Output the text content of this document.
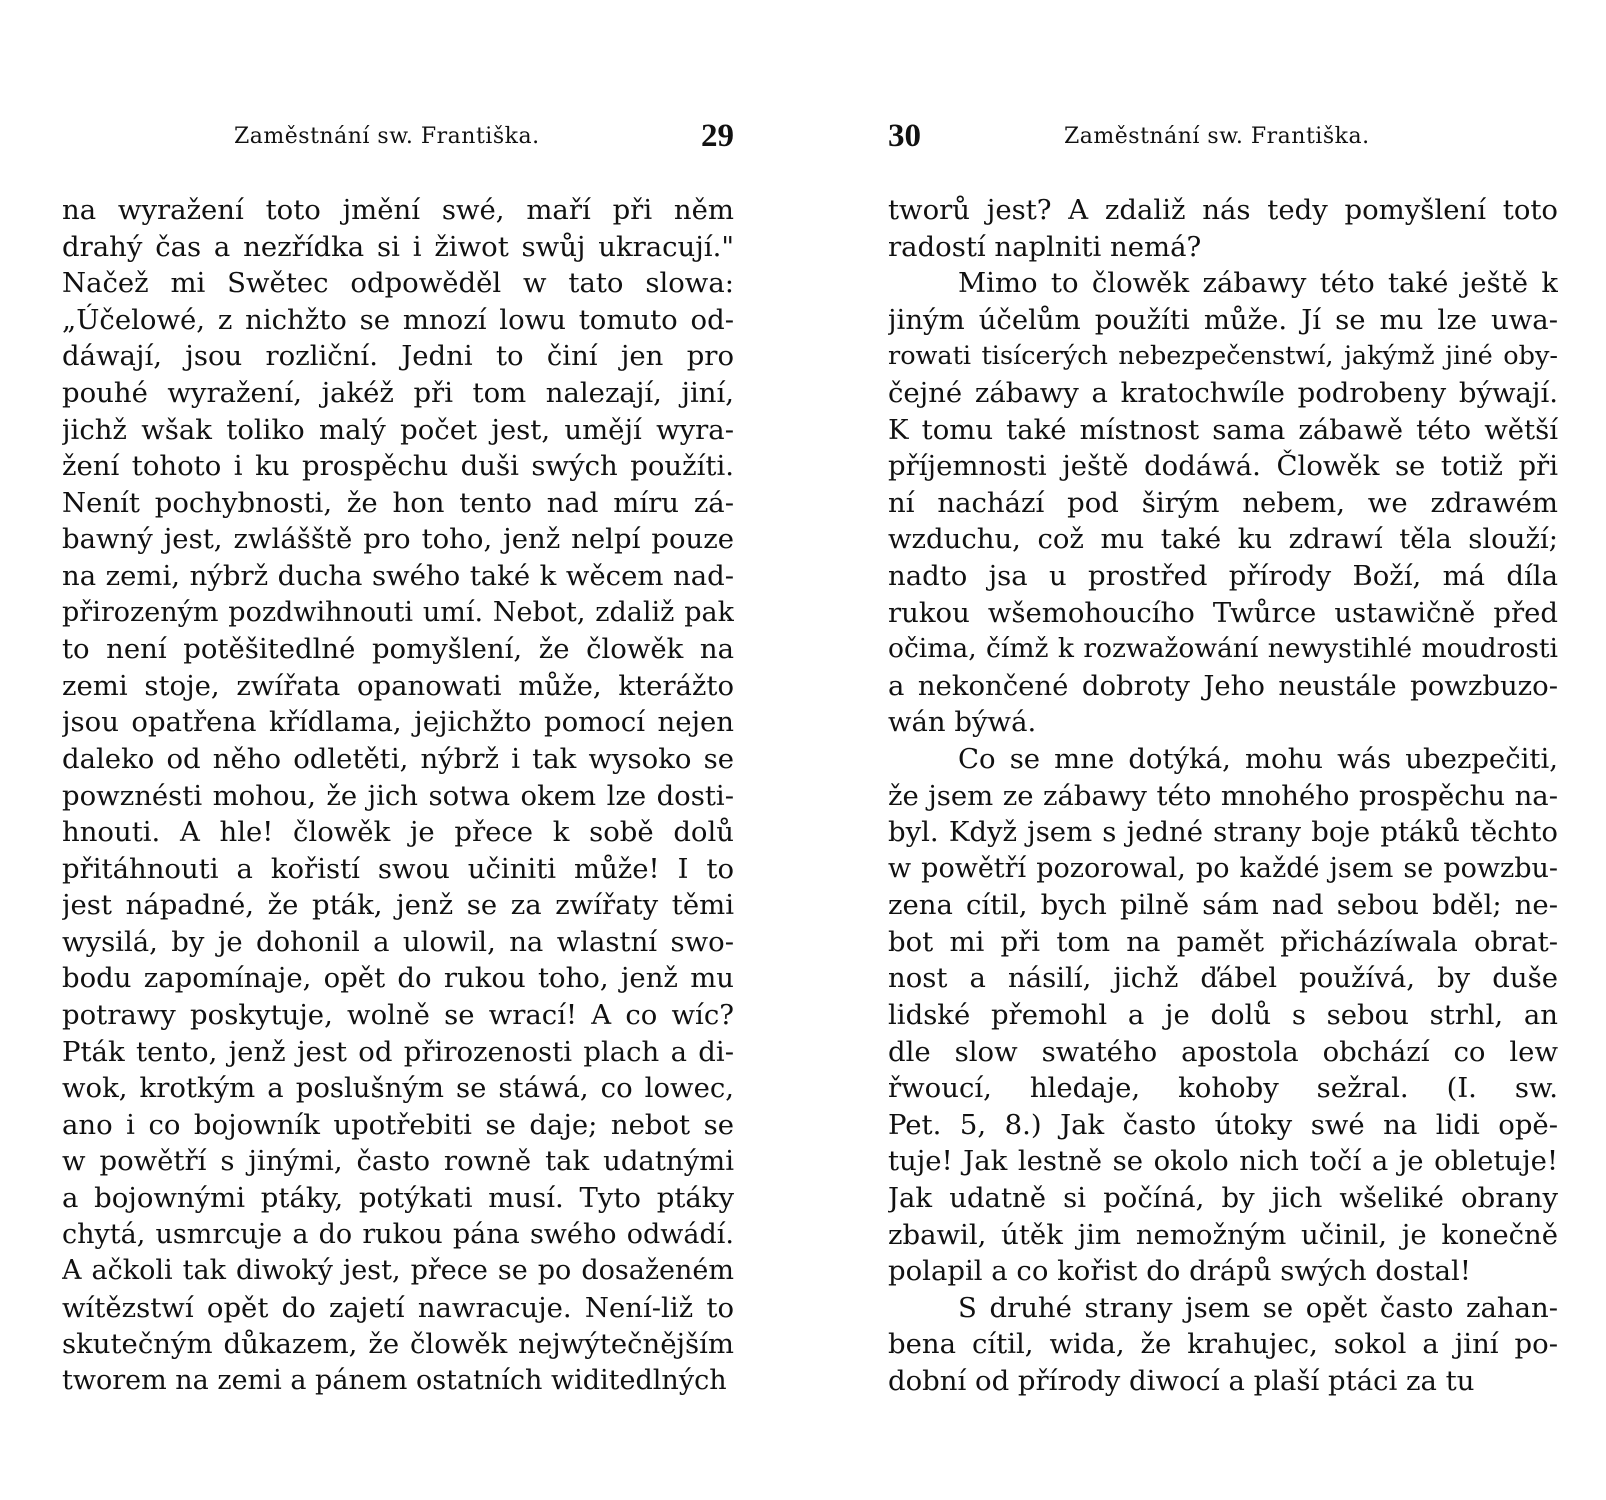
Zaměstnání sw. Františka.	29
na wyražení toto jmění swé, maří při něm
drahý čas a nezřídka si i žiwot swůj ukracují."
Načež mi Swětec odpowěděl w tato slowa:
„Účelowé, z nichžto se mnozí lowu tomuto od-
dáwají, jsou rozliční. Jedni to činí jen pro
pouhé wyražení, jakéž při tom nalezají, jiní,
jichž wšak toliko malý počet jest, umějí wyra-
žení tohoto i ku prospěchu duši swých použíti.
Nenít pochybnosti, že hon tento nad míru zá-
bawný jest, zwlášště pro toho, jenž nelpí pouze
na zemi, nýbrž ducha swého také k wěcem nad-
přirozeným pozdwihnouti umí. Nebot, zdaliž pak
to není potěšitedlné pomyšlení, že člowěk na
zemi stoje, zwířata opanowati může, kterážto
jsou opatřena křídlama, jejichžto pomocí nejen
daleko od něho odletěti, nýbrž i tak wysoko se
powznésti mohou, že jich sotwa okem lze dosti-
hnouti. A hle! člowěk je přece k sobě dolů
přitáhnouti a kořistí swou učiniti může! I to
jest nápadné, že pták, jenž se za zwířaty těmi
wysilá, by je dohonil a ulowil, na wlastní swo-
bodu zapomínaje, opět do rukou toho, jenž mu
potrawy poskytuje, wolně se wrací! A co wíc?
Pták tento, jenž jest od přirozenosti plach a di-
wok, krotkým a poslušným se stáwá, co lowec,
ano i co bojowník upotřebiti se daje; nebot se
w powětří s jinými, často rowně tak udatnými
a bojownými ptáky, potýkati musí. Tyto ptáky
chytá, usmrcuje a do rukou pána swého odwádí.
A ačkoli tak diwoký jest, přece se po dosaženém
wítězstwí opět do zajetí nawracuje. Není-liž to
skutečným důkazem, že člowěk nejwýtečnějším
tworem na zemi a pánem ostatních widitedlných
30	Zaměstnání sw. Františka.
tworů jest? A zdaliž nás tedy pomyšlení toto
radostí naplniti nemá?
Mimo to člowěk zábawy této také ještě k
jiným účelům použíti může. Jí se mu lze uwa-
rowati tisícerých nebezpečenstwí, jakýmž jiné oby-
čejné zábawy a kratochwíle podrobeny býwají.
K tomu také místnost sama zábawě této wětší
příjemnosti ještě dodáwá. Člowěk se totiž při
ní nachází pod širým nebem, we zdrawém
wzduchu, což mu také ku zdrawí těla slouží;
nadto jsa u prostřed přírody Boží, má díla
rukou wšemohoucího Twůrce ustawičně před
očima, čímž k rozwažowání newystihlé moudrosti
a nekončené dobroty Jeho neustále powzbuzo-
wán býwá.
Co se mne dotýká, mohu wás ubezpečiti,
že jsem ze zábawy této mnohého prospěchu na-
byl. Když jsem s jedné strany boje ptáků těchto
w powětří pozorowal, po každé jsem se powzbu-
zena cítil, bych pilně sám nad sebou bděl; ne-
bot mi při tom na pamět přicházíwala obrat-
nost a násilí, jichž ďábel používá, by duše
lidské přemohl a je dolů s sebou strhl, an
dle slow swatého apostola obchází co lew
řwoucí, hledaje, kohoby sežral. (I. sw.
Pet. 5, 8.) Jak často útoky swé na lidi opě-
tuje! Jak lestně se okolo nich točí a je obletuje!
Jak udatně si počíná, by jich wšeliké obrany
zbawil, útěk jim nemožným učinil, je konečně
polapil a co kořist do drápů swých dostal!
S druhé strany jsem se opět často zahan-
bena cítil, wida, že krahujec, sokol a jiní po-
dobní od přírody diwocí a plaší ptáci za tu
